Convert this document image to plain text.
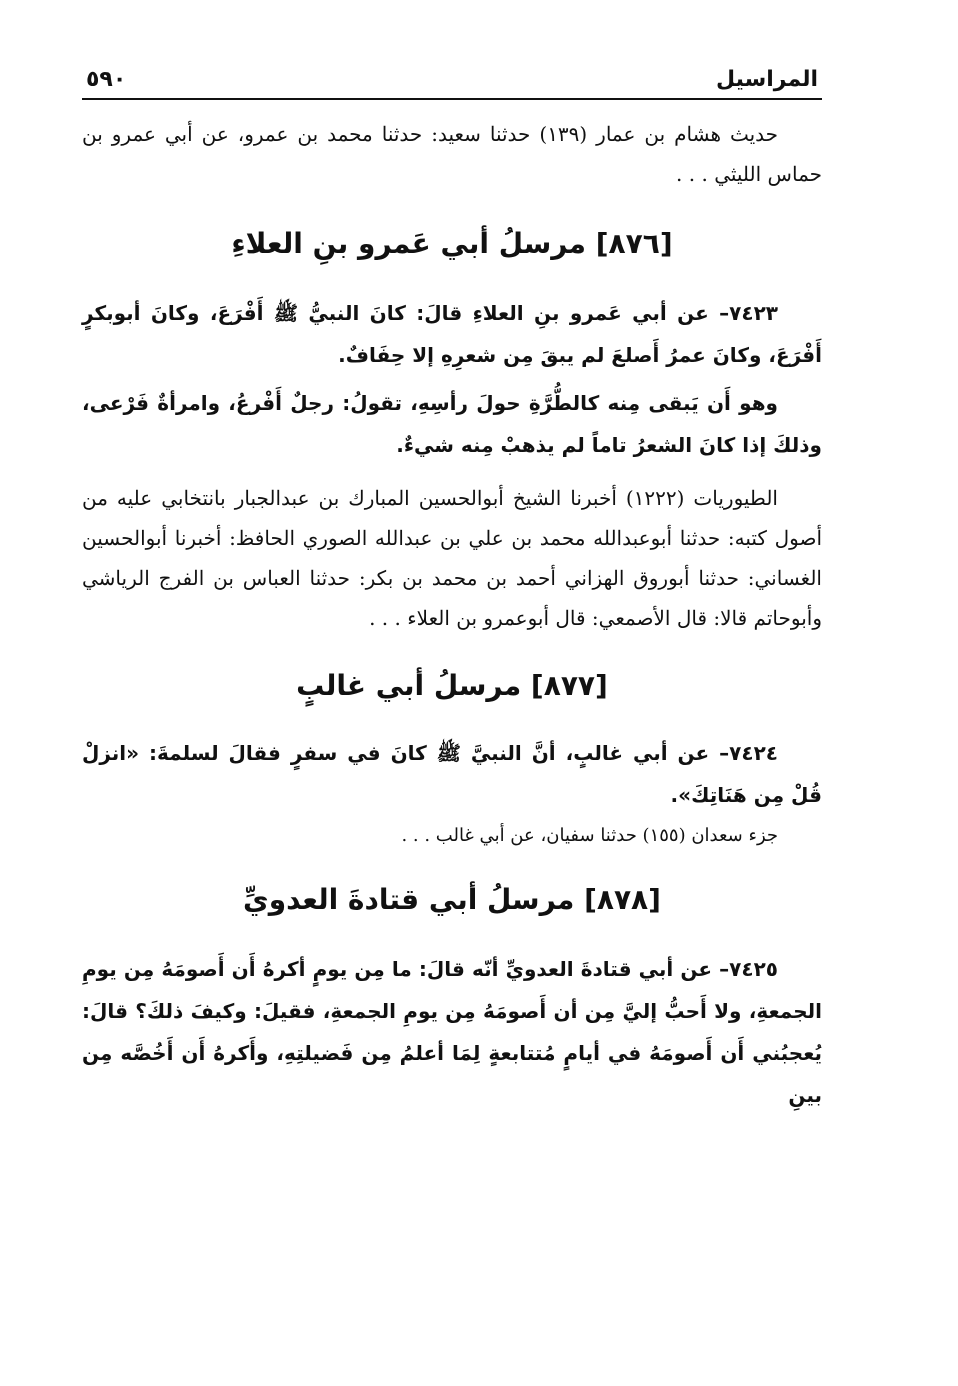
المراسيل
٥٩٠

حديث هشام بن عمار (١٣٩) حدثنا سعيد: حدثنا محمد بن عمرو، عن أبي عمرو بن حماس الليثي . . .

[٨٧٦] مرسلُ أبي عَمرو بنِ العلاءِ

٧٤٢٣– عن أبي عَمرو بنِ العلاءِ قالَ: كانَ النبيُّ ﷺ أَفْرَعَ، وكانَ أبوبكرٍ أَفْرَعَ، وكانَ عمرُ أَصلعَ لم يبقَ مِن شعرِهِ إلا حِفَافٌ.

وهو أَن يَبقى مِنه كالطُّرَّةِ حولَ رأسِهِ، تقولُ: رجلٌ أَفْرعُ، وامرأةٌ فَرْعى، وذلكَ إذا كانَ الشعرُ تاماً لم يذهبْ مِنه شيءٌ.

الطيوريات (١٢٢٢) أخبرنا الشيخ أبوالحسين المبارك بن عبدالجبار بانتخابي عليه من أصول كتبه: حدثنا أبوعبدالله محمد بن علي بن عبدالله الصوري الحافظ: أخبرنا أبوالحسين الغساني: حدثنا أبوروق الهزاني أحمد بن محمد بن بكر: حدثنا العباس بن الفرج الرياشي وأبوحاتم قالا: قال الأصمعي: قال أبوعمرو بن العلاء . . .

[٨٧٧] مرسلُ أبي غالبٍ

٧٤٢٤– عن أبي غالبٍ، أنَّ النبيَّ ﷺ كانَ في سفرٍ فقالَ لسلمةَ: «انزلْ قُلْ مِن هَنَاتِكَ».

جزء سعدان (١٥٥) حدثنا سفيان، عن أبي غالب . . .

[٨٧٨] مرسلُ أبي قتادةَ العدويِّ

٧٤٢٥– عن أبي قتادةَ العدويِّ أنّه قالَ: ما مِن يومٍ أكرهُ أَن أَصومَهُ مِن يومِ الجمعةِ، ولا أَحبُّ إليَّ مِن أن أَصومَهُ مِن يومِ الجمعةِ، فقيلَ: وكيفَ ذلكَ؟ قالَ: يُعجبُني أَن أَصومَهُ في أيامٍ مُتتابعةٍ لِمَا أعلمُ مِن فَضيلتِهِ، وأَكرهُ أَن أَخُصَّه مِن بينِ
